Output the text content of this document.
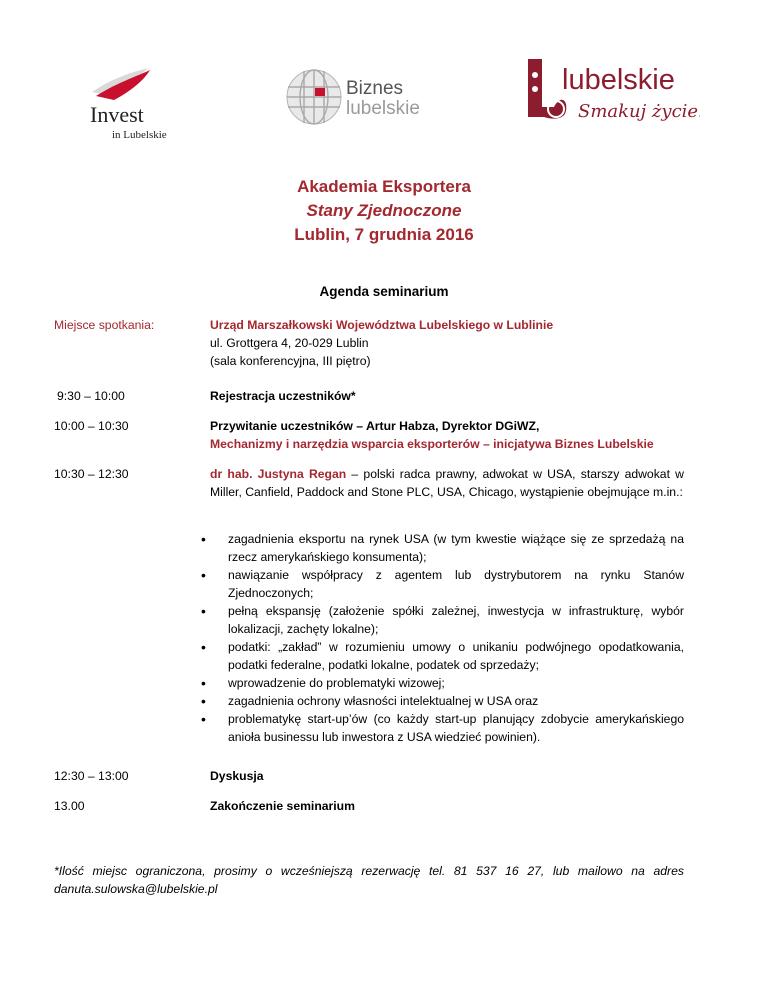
Invest
in Lubelskie
Biznes
lubelskie
lubelskie
Smakuj życie!
Akademia Eksportera
Stany Zjednoczone
Lublin, 7 grudnia 2016
Agenda seminarium
Miejsce spotkania:	Urząd Marszałkowski Województwa Lubelskiego w Lublinie
ul. Grottgera 4, 20-029 Lublin
(sala konferencyjna, III piętro)
9:30 – 10:00	Rejestracja uczestników*
10:00 – 10:30	Przywitanie uczestników – Artur Habza, Dyrektor DGiWZ,
Mechanizmy i narzędzia wsparcia eksporterów – inicjatywa Biznes Lubelskie
10:30 – 12:30	dr hab. Justyna Regan – polski radca prawny, adwokat w USA, starszy adwokat w Miller, Canfield, Paddock and Stone PLC, USA, Chicago, wystąpienie obejmujące m.in.:
• zagadnienia eksportu na rynek USA (w tym kwestie wiążące się ze sprzedażą na rzecz amerykańskiego konsumenta);
• nawiązanie współpracy z agentem lub dystrybutorem na rynku Stanów Zjednoczonych;
• pełną ekspansję (założenie spółki zależnej, inwestycja w infrastrukturę, wybór lokalizacji, zachęty lokalne);
• podatki: „zakład” w rozumieniu umowy o unikaniu podwójnego opodatkowania, podatki federalne, podatki lokalne, podatek od sprzedaży;
• wprowadzenie do problematyki wizowej;
• zagadnienia ochrony własności intelektualnej w USA oraz
• problematykę start-up’ów (co każdy start-up planujący zdobycie amerykańskiego anioła businessu lub inwestora z USA wiedzieć powinien).
12:30 – 13:00	Dyskusja
13.00	Zakończenie seminarium
*Ilość miejsc ograniczona, prosimy o wcześniejszą rezerwację tel. 81 537 16 27, lub mailowo na adres danuta.sulowska@lubelskie.pl
